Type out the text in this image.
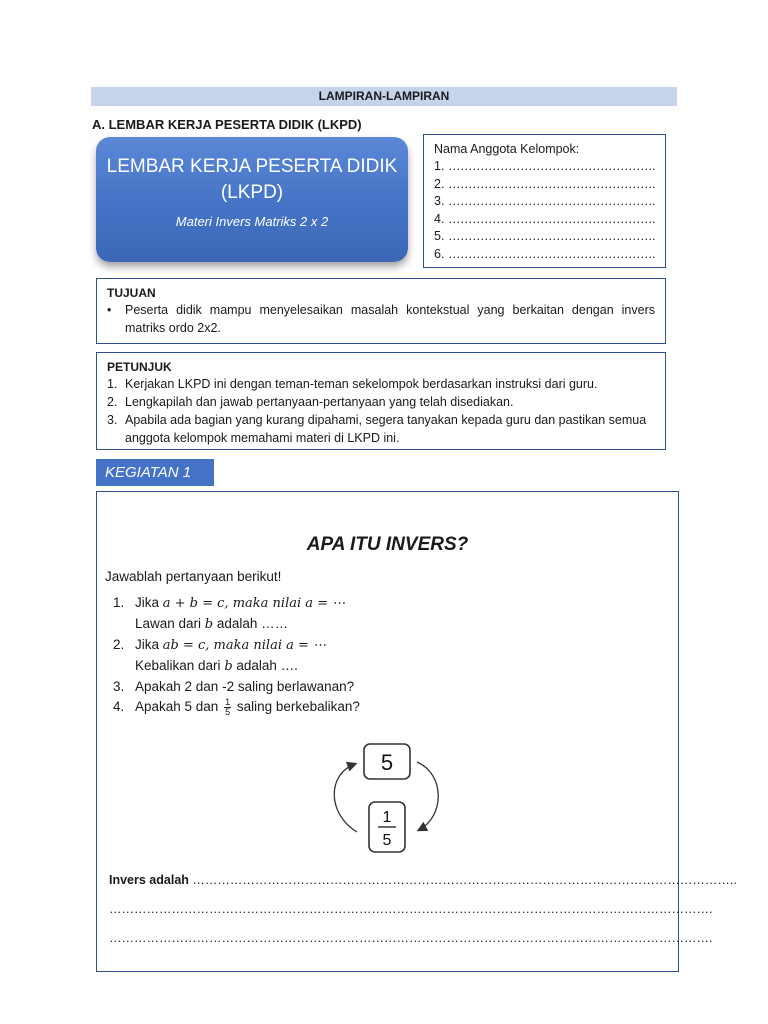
LAMPIRAN-LAMPIRAN
A. LEMBAR KERJA PESERTA DIDIK (LKPD)
LEMBAR KERJA PESERTA DIDIK
(LKPD)
Materi Invers Matriks 2 x 2
Nama Anggota Kelompok:
1. …………………………………………….
2. …………………………………………….
3. …………………………………………….
4. …………………………………………….
5. …………………………………………….
6. …………………………………………….
TUJUAN
•	Peserta didik mampu menyelesaikan masalah kontekstual yang berkaitan dengan invers matriks ordo 2x2.
PETUNJUK
1. Kerjakan LKPD ini dengan teman-teman sekelompok berdasarkan instruksi dari guru.
2. Lengkapilah dan jawab pertanyaan-pertanyaan yang telah disediakan.
3. Apabila ada bagian yang kurang dipahami, segera tanyakan kepada guru dan pastikan semua anggota kelompok memahami materi di LKPD ini.
KEGIATAN 1
APA ITU INVERS?
Jawablah pertanyaan berikut!
1. Jika a + b = c, maka nilai a = ⋯
Lawan dari b adalah ……
2. Jika ab = c, maka nilai a = ⋯
Kebalikan dari b adalah ….
3. Apakah 2 dan -2 saling berlawanan?
4. Apakah 5 dan $\frac{1}{5}$ saling berkebalikan?
5
1
5
Invers adalah …………………………………………………………………………………………………………………..
……………………………………………………………………………………………………………………………….
……………………………………………………………………………………………………………………………….
